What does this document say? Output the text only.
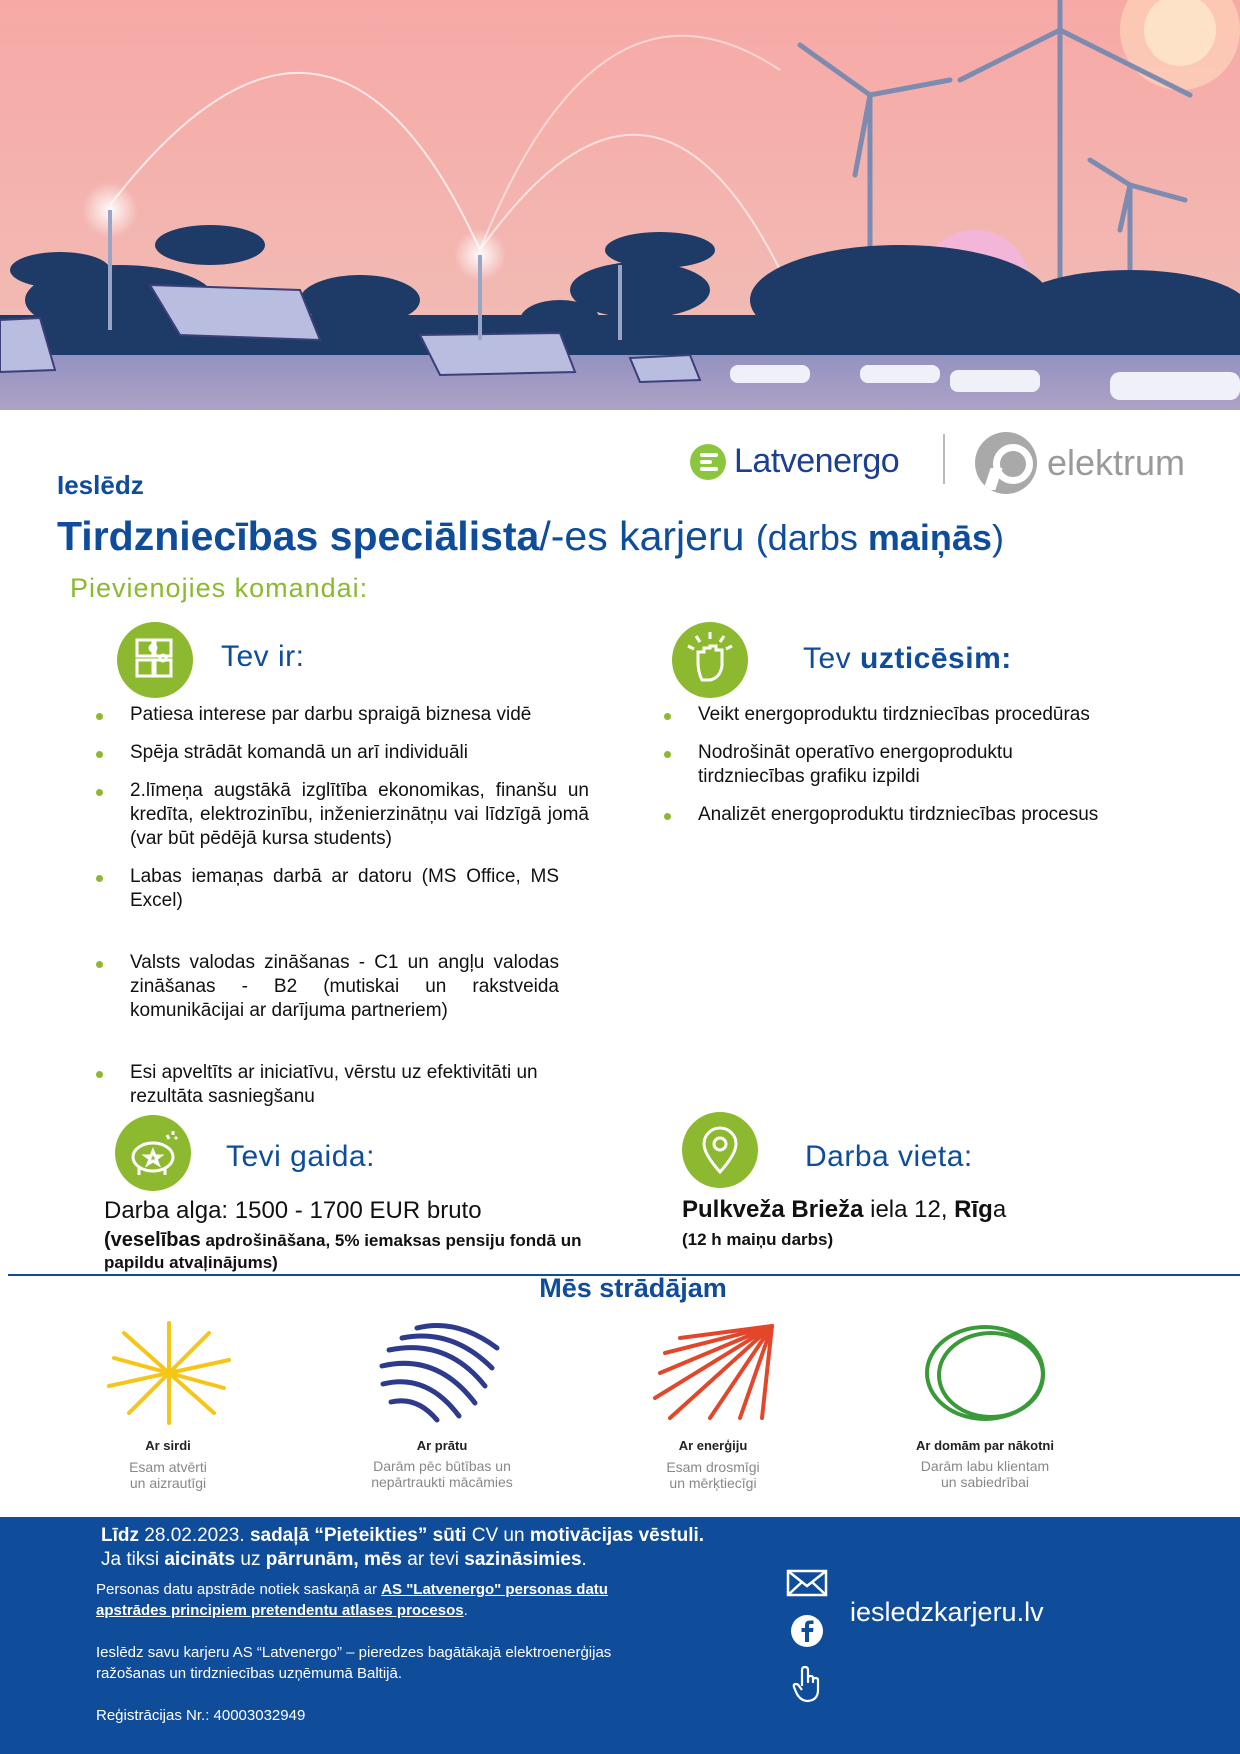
Latvenergo	elektrum
Ieslēdz
Tirdzniecības speciālista/-es karjeru (darbs maiņās)
Pievienojies komandai:
Tev ir:
Patiesa interese par darbu spraigā biznesa vidē
Spēja strādāt komandā un arī individuāli
2.līmeņa augstākā izglītība ekonomikas, finanšu un kredīta, elektrozinību, inženierzinātņu vai līdzīgā jomā (var būt pēdējā kursa students)
Labas iemaņas darbā ar datoru (MS Office, MS Excel)
Valsts valodas zināšanas - C1 un angļu valodas zināšanas - B2 (mutiskai un rakstveida komunikācijai ar darījuma partneriem)
Esi apveltīts ar iniciatīvu, vērstu uz efektivitāti un rezultāta sasniegšanu
Tev uzticēsim:
Veikt energoproduktu tirdzniecības procedūras
Nodrošināt operatīvo energoproduktu tirdzniecības grafiku izpildi
Analizēt energoproduktu tirdzniecības procesus
Tevi gaida:
Darba alga: 1500 - 1700 EUR bruto
(veselības apdrošināšana, 5% iemaksas pensiju fondā un papildu atvaļinājums)
Darba vieta:
Pulkveža Brieža iela 12, Rīga
(12 h maiņu darbs)
Mēs strādājam
Ar sirdi
Esam atvērti
un aizrautīgi
Ar prātu
Darām pēc būtības un
nepārtraukti mācāmies
Ar enerģiju
Esam drosmīgi
un mērķtiecīgi
Ar domām par nākotni
Darām labu klientam
un sabiedrībai
Līdz 28.02.2023. sadaļā “Pieteikties” sūti CV un motivācijas vēstuli.
Ja tiksi aicināts uz pārrunām, mēs ar tevi sazināsimies.
Personas datu apstrāde notiek saskaņā ar AS "Latvenergo" personas datu apstrādes principiem pretendentu atlases procesos.
Ieslēdz savu karjeru AS “Latvenergo” – pieredzes bagātākajā elektroenerģijas ražošanas un tirdzniecības uzņēmumā Baltijā.
Reģistrācijas Nr.: 40003032949
iesledzkarjeru.lv
